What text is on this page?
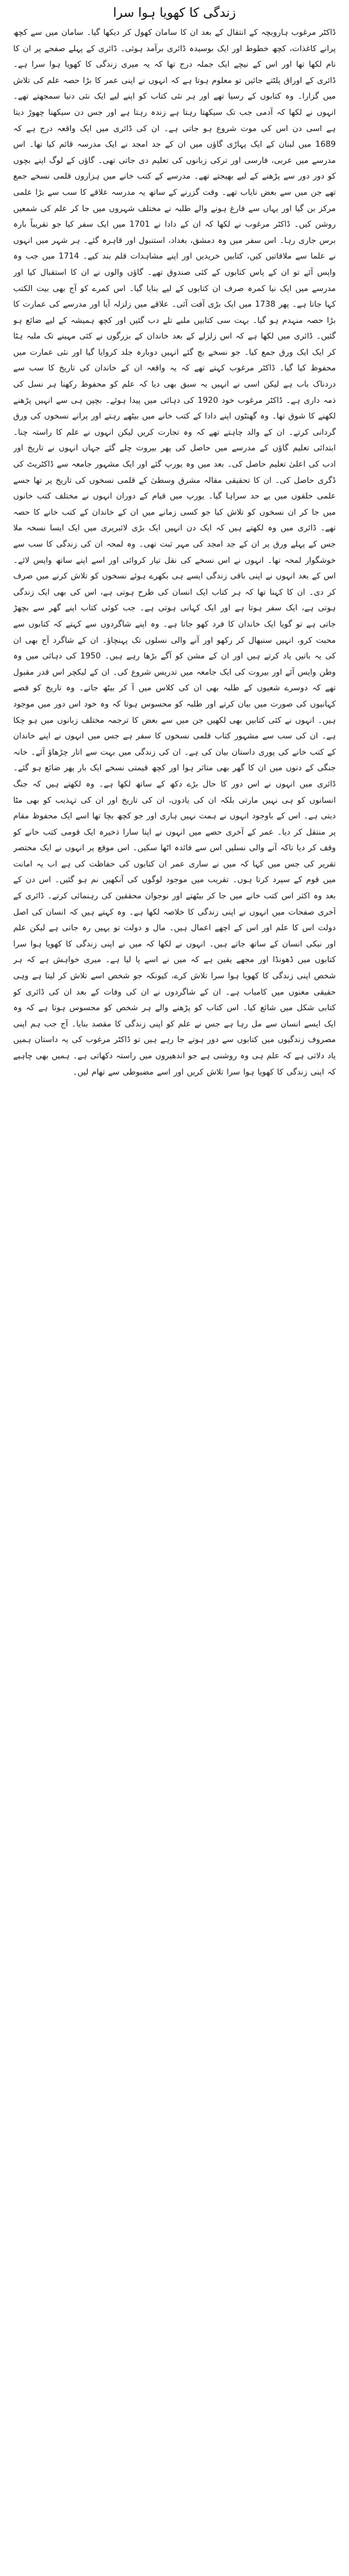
زندگی کا کھویا ہوا سرا

ڈاکٹر مرغوب ہاروبچہ کے انتقال کے بعد ان کا سامان کھول کر دیکھا گیا۔ سامان میں سے کچھ پرانے کاغذات، کچھ خطوط اور ایک بوسیدہ ڈائری برآمد ہوئی۔ ڈائری کے پہلے صفحے پر ان کا نام لکھا تھا اور اس کے نیچے ایک جملہ درج تھا کہ یہ میری زندگی کا کھویا ہوا سرا ہے۔ ڈائری کے اوراق پلٹتے جائیں تو معلوم ہوتا ہے کہ انہوں نے اپنی عمر کا بڑا حصہ علم کی تلاش میں گزارا۔ وہ کتابوں کے رسیا تھے اور ہر نئی کتاب کو اپنے لیے ایک نئی دنیا سمجھتے تھے۔ انہوں نے لکھا کہ آدمی جب تک سیکھتا رہتا ہے زندہ رہتا ہے اور جس دن سیکھنا چھوڑ دیتا ہے اسی دن اس کی موت شروع ہو جاتی ہے۔

ان کی ڈائری میں ایک واقعہ درج ہے کہ 1689 میں لبنان کے ایک پہاڑی گاؤں میں ان کے جد امجد نے ایک مدرسہ قائم کیا تھا۔ اس مدرسے میں عربی، فارسی اور ترکی زبانوں کی تعلیم دی جاتی تھی۔ گاؤں کے لوگ اپنے بچوں کو دور دور سے پڑھنے کے لیے بھیجتے تھے۔ مدرسے کے کتب خانے میں ہزاروں قلمی نسخے جمع تھے جن میں سے بعض نایاب تھے۔ وقت گزرنے کے ساتھ یہ مدرسہ علاقے کا سب سے بڑا علمی مرکز بن گیا اور یہاں سے فارغ ہونے والے طلبہ نے مختلف شہروں میں جا کر علم کی شمعیں روشن کیں۔

ڈاکٹر مرغوب نے لکھا کہ ان کے دادا نے 1701 میں ایک سفر کیا جو تقریباً بارہ برس جاری رہا۔ اس سفر میں وہ دمشق، بغداد، استنبول اور قاہرہ گئے۔ ہر شہر میں انہوں نے علما سے ملاقاتیں کیں، کتابیں خریدیں اور اپنے مشاہدات قلم بند کیے۔ 1714 میں جب وہ واپس آئے تو ان کے پاس کتابوں کے کئی صندوق تھے۔ گاؤں والوں نے ان کا استقبال کیا اور مدرسے میں ایک نیا کمرہ صرف ان کتابوں کے لیے بنایا گیا۔ اس کمرے کو آج بھی بیت الکتب کہا جاتا ہے۔

پھر 1738 میں ایک بڑی آفت آئی۔ علاقے میں زلزلہ آیا اور مدرسے کی عمارت کا بڑا حصہ منہدم ہو گیا۔ بہت سی کتابیں ملبے تلے دب گئیں اور کچھ ہمیشہ کے لیے ضائع ہو گئیں۔ ڈائری میں لکھا ہے کہ اس زلزلے کے بعد خاندان کے بزرگوں نے کئی مہینے تک ملبہ ہٹا کر ایک ایک ورق جمع کیا۔ جو نسخے بچ گئے انہیں دوبارہ جلد کروایا گیا اور نئی عمارت میں محفوظ کیا گیا۔ ڈاکٹر مرغوب کہتے تھے کہ یہ واقعہ ان کے خاندان کی تاریخ کا سب سے دردناک باب ہے لیکن اسی نے انہیں یہ سبق بھی دیا کہ علم کو محفوظ رکھنا ہر نسل کی ذمہ داری ہے۔

ڈاکٹر مرغوب خود 1920 کی دہائی میں پیدا ہوئے۔ بچپن ہی سے انہیں پڑھنے لکھنے کا شوق تھا۔ وہ گھنٹوں اپنے دادا کے کتب خانے میں بیٹھے رہتے اور پرانے نسخوں کی ورق گردانی کرتے۔ ان کے والد چاہتے تھے کہ وہ تجارت کریں لیکن انہوں نے علم کا راستہ چنا۔ ابتدائی تعلیم گاؤں کے مدرسے میں حاصل کی پھر بیروت چلے گئے جہاں انہوں نے تاریخ اور ادب کی اعلیٰ تعلیم حاصل کی۔ بعد میں وہ یورپ گئے اور ایک مشہور جامعہ سے ڈاکٹریٹ کی ڈگری حاصل کی۔ ان کا تحقیقی مقالہ مشرق وسطیٰ کے قلمی نسخوں کی تاریخ پر تھا جسے علمی حلقوں میں بے حد سراہا گیا۔

یورپ میں قیام کے دوران انہوں نے مختلف کتب خانوں میں جا کر ان نسخوں کو تلاش کیا جو کسی زمانے میں ان کے خاندان کے کتب خانے کا حصہ تھے۔ ڈائری میں وہ لکھتے ہیں کہ ایک دن انہیں ایک بڑی لائبریری میں ایک ایسا نسخہ ملا جس کے پہلے ورق پر ان کے جد امجد کی مہر ثبت تھی۔ وہ لمحہ ان کی زندگی کا سب سے خوشگوار لمحہ تھا۔ انہوں نے اس نسخے کی نقل تیار کروائی اور اسے اپنے ساتھ واپس لائے۔ اس کے بعد انہوں نے اپنی باقی زندگی ایسے ہی بکھرے ہوئے نسخوں کو تلاش کرنے میں صرف کر دی۔

ان کا کہنا تھا کہ ہر کتاب ایک انسان کی طرح ہوتی ہے، اس کی بھی ایک زندگی ہوتی ہے، ایک سفر ہوتا ہے اور ایک کہانی ہوتی ہے۔ جب کوئی کتاب اپنے گھر سے بچھڑ جاتی ہے تو گویا ایک خاندان کا فرد کھو جاتا ہے۔ وہ اپنے شاگردوں سے کہتے کہ کتابوں سے محبت کرو، انہیں سنبھال کر رکھو اور آنے والی نسلوں تک پہنچاؤ۔ ان کے شاگرد آج بھی ان کی یہ باتیں یاد کرتے ہیں اور ان کے مشن کو آگے بڑھا رہے ہیں۔

1950 کی دہائی میں وہ وطن واپس آئے اور بیروت کی ایک جامعہ میں تدریس شروع کی۔ ان کے لیکچر اس قدر مقبول تھے کہ دوسرے شعبوں کے طلبہ بھی ان کی کلاس میں آ کر بیٹھ جاتے۔ وہ تاریخ کو قصے کہانیوں کی صورت میں بیان کرتے اور طلبہ کو محسوس ہوتا کہ وہ خود اس دور میں موجود ہیں۔ انہوں نے کئی کتابیں بھی لکھیں جن میں سے بعض کا ترجمہ مختلف زبانوں میں ہو چکا ہے۔ ان کی سب سے مشہور کتاب قلمی نسخوں کا سفر ہے جس میں انہوں نے اپنے خاندان کے کتب خانے کی پوری داستان بیان کی ہے۔

ان کی زندگی میں بہت سے اتار چڑھاؤ آئے۔ خانہ جنگی کے دنوں میں ان کا گھر بھی متاثر ہوا اور کچھ قیمتی نسخے ایک بار پھر ضائع ہو گئے۔ ڈائری میں انہوں نے اس دور کا حال بڑے دکھ کے ساتھ لکھا ہے۔ وہ لکھتے ہیں کہ جنگ انسانوں کو ہی نہیں مارتی بلکہ ان کی یادوں، ان کی تاریخ اور ان کی تہذیب کو بھی مٹا دیتی ہے۔ اس کے باوجود انہوں نے ہمت نہیں ہاری اور جو کچھ بچا تھا اسے ایک محفوظ مقام پر منتقل کر دیا۔

عمر کے آخری حصے میں انہوں نے اپنا سارا ذخیرہ ایک قومی کتب خانے کو وقف کر دیا تاکہ آنے والی نسلیں اس سے فائدہ اٹھا سکیں۔ اس موقع پر انہوں نے ایک مختصر تقریر کی جس میں کہا کہ میں نے ساری عمر ان کتابوں کی حفاظت کی ہے اب یہ امانت میں قوم کے سپرد کرتا ہوں۔ تقریب میں موجود لوگوں کی آنکھیں نم ہو گئیں۔ اس دن کے بعد وہ اکثر اس کتب خانے میں جا کر بیٹھتے اور نوجوان محققین کی رہنمائی کرتے۔

ڈائری کے آخری صفحات میں انہوں نے اپنی زندگی کا خلاصہ لکھا ہے۔ وہ کہتے ہیں کہ انسان کی اصل دولت اس کا علم اور اس کے اچھے اعمال ہیں۔ مال و دولت تو یہیں رہ جاتی ہے لیکن علم اور نیکی انسان کے ساتھ جاتے ہیں۔ انہوں نے لکھا کہ میں نے اپنی زندگی کا کھویا ہوا سرا کتابوں میں ڈھونڈا اور مجھے یقین ہے کہ میں نے اسے پا لیا ہے۔ میری خواہش ہے کہ ہر شخص اپنی زندگی کا کھویا ہوا سرا تلاش کرے، کیونکہ جو شخص اسے تلاش کر لیتا ہے وہی حقیقی معنوں میں کامیاب ہے۔

ان کے شاگردوں نے ان کی وفات کے بعد ان کی ڈائری کو کتابی شکل میں شائع کیا۔ اس کتاب کو پڑھنے والے ہر شخص کو محسوس ہوتا ہے کہ وہ ایک ایسے انسان سے مل رہا ہے جس نے علم کو اپنی زندگی کا مقصد بنایا۔ آج جب ہم اپنی مصروف زندگیوں میں کتابوں سے دور ہوتے جا رہے ہیں تو ڈاکٹر مرغوب کی یہ داستان ہمیں یاد دلاتی ہے کہ علم ہی وہ روشنی ہے جو اندھیروں میں راستہ دکھاتی ہے۔ ہمیں بھی چاہیے کہ اپنی زندگی کا کھویا ہوا سرا تلاش کریں اور اسے مضبوطی سے تھام لیں۔
